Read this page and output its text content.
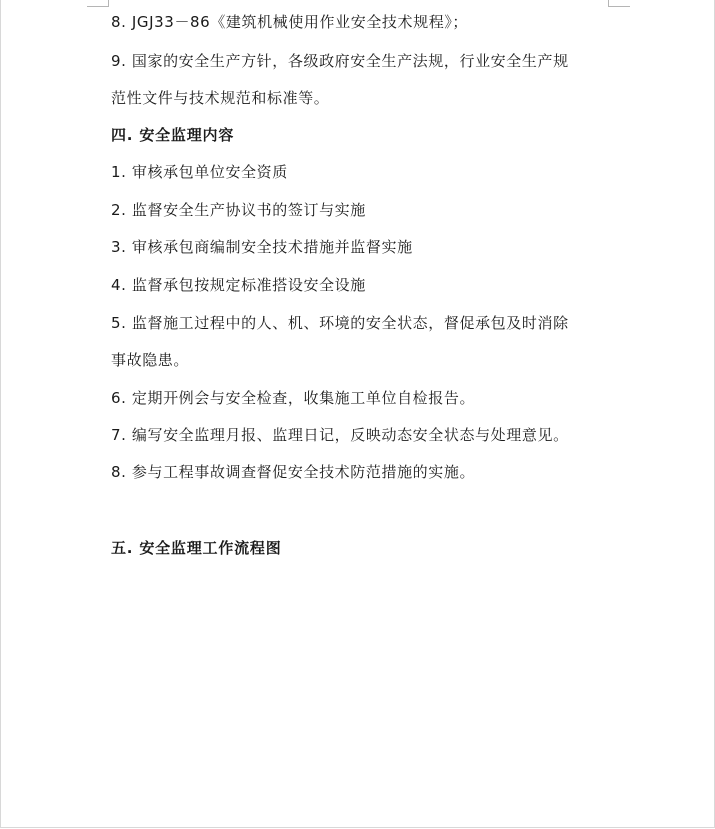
8. JGJ33－86《建筑机械使用作业安全技术规程》；
9. 国家的安全生产方针，各级政府安全生产法规，行业安全生产规
范性文件与技术规范和标准等。
四. 安全监理内容
1. 审核承包单位安全资质
2. 监督安全生产协议书的签订与实施
3. 审核承包商编制安全技术措施并监督实施
4. 监督承包按规定标准搭设安全设施
5. 监督施工过程中的人、机、环境的安全状态，督促承包及时消除
事故隐患。
6. 定期开例会与安全检查，收集施工单位自检报告。
7. 编写安全监理月报、监理日记，反映动态安全状态与处理意见。
8. 参与工程事故调查督促安全技术防范措施的实施。
五. 安全监理工作流程图
